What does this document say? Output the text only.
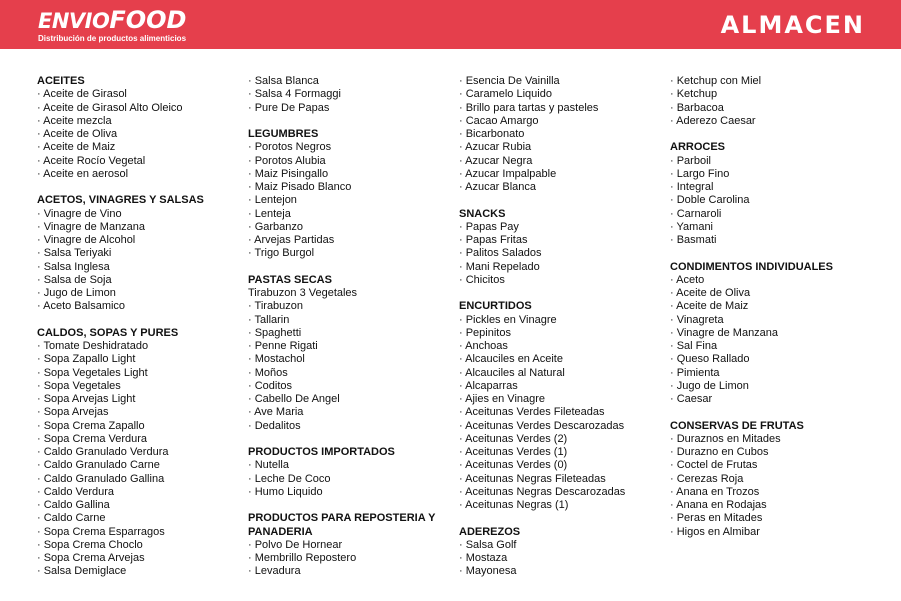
ENVIOFOOD
Distribución de productos alimenticios	ALMACEN
ACEITES
· Aceite de Girasol
· Aceite de Girasol Alto Oleico
· Aceite mezcla
· Aceite de Oliva
· Aceite de Maiz
· Aceite Rocío Vegetal
· Aceite en aerosol
ACETOS, VINAGRES Y SALSAS
· Vinagre de Vino
· Vinagre de Manzana
· Vinagre de Alcohol
· Salsa Teriyaki
· Salsa Inglesa
· Salsa de Soja
· Jugo de Limon
· Aceto Balsamico
CALDOS, SOPAS Y PURES
· Tomate Deshidratado
· Sopa Zapallo Light
· Sopa Vegetales Light
· Sopa Vegetales
· Sopa Arvejas Light
· Sopa Arvejas
· Sopa Crema Zapallo
· Sopa Crema Verdura
· Caldo Granulado Verdura
· Caldo Granulado Carne
· Caldo Granulado Gallina
· Caldo Verdura
· Caldo Gallina
· Caldo Carne
· Sopa Crema Esparragos
· Sopa Crema Choclo
· Sopa Crema Arvejas
· Salsa Demiglace
· Salsa Blanca
· Salsa 4 Formaggi
· Pure De Papas
LEGUMBRES
· Porotos Negros
· Porotos Alubia
· Maiz Pisingallo
· Maiz Pisado Blanco
· Lentejon
· Lenteja
· Garbanzo
· Arvejas Partidas
· Trigo Burgol
PASTAS SECAS
Tirabuzon 3 Vegetales
· Tirabuzon
· Tallarin
· Spaghetti
· Penne Rigati
· Mostachol
· Moños
· Coditos
· Cabello De Angel
· Ave Maria
· Dedalitos
PRODUCTOS IMPORTADOS
· Nutella
· Leche De Coco
· Humo Liquido
PRODUCTOS PARA REPOSTERIA Y PANADERIA
· Polvo De Hornear
· Membrillo Repostero
· Levadura
· Esencia De Vainilla
· Caramelo Liquido
· Brillo para tartas y pasteles
· Cacao Amargo
· Bicarbonato
· Azucar Rubia
· Azucar Negra
· Azucar Impalpable
· Azucar Blanca
SNACKS
· Papas Pay
· Papas Fritas
· Palitos Salados
· Mani Repelado
· Chicitos
ENCURTIDOS
· Pickles en Vinagre
· Pepinitos
· Anchoas
· Alcauciles en Aceite
· Alcauciles al Natural
· Alcaparras
· Ajies en Vinagre
· Aceitunas Verdes Fileteadas
· Aceitunas Verdes Descarozadas
· Aceitunas Verdes (2)
· Aceitunas Verdes (1)
· Aceitunas Verdes (0)
· Aceitunas Negras Fileteadas
· Aceitunas Negras Descarozadas
· Aceitunas Negras (1)
ADEREZOS
· Salsa Golf
· Mostaza
· Mayonesa
· Ketchup con Miel
· Ketchup
· Barbacoa
· Aderezo Caesar
ARROCES
· Parboil
· Largo Fino
· Integral
· Doble Carolina
· Carnaroli
· Yamani
· Basmati
CONDIMENTOS INDIVIDUALES
· Aceto
· Aceite de Oliva
· Aceite de Maiz
· Vinagreta
· Vinagre de Manzana
· Sal Fina
· Queso Rallado
· Pimienta
· Jugo de Limon
· Caesar
CONSERVAS DE FRUTAS
· Duraznos en Mitades
· Durazno en Cubos
· Coctel de Frutas
· Cerezas Roja
· Anana en Trozos
· Anana en Rodajas
· Peras en Mitades
· Higos en Almibar
